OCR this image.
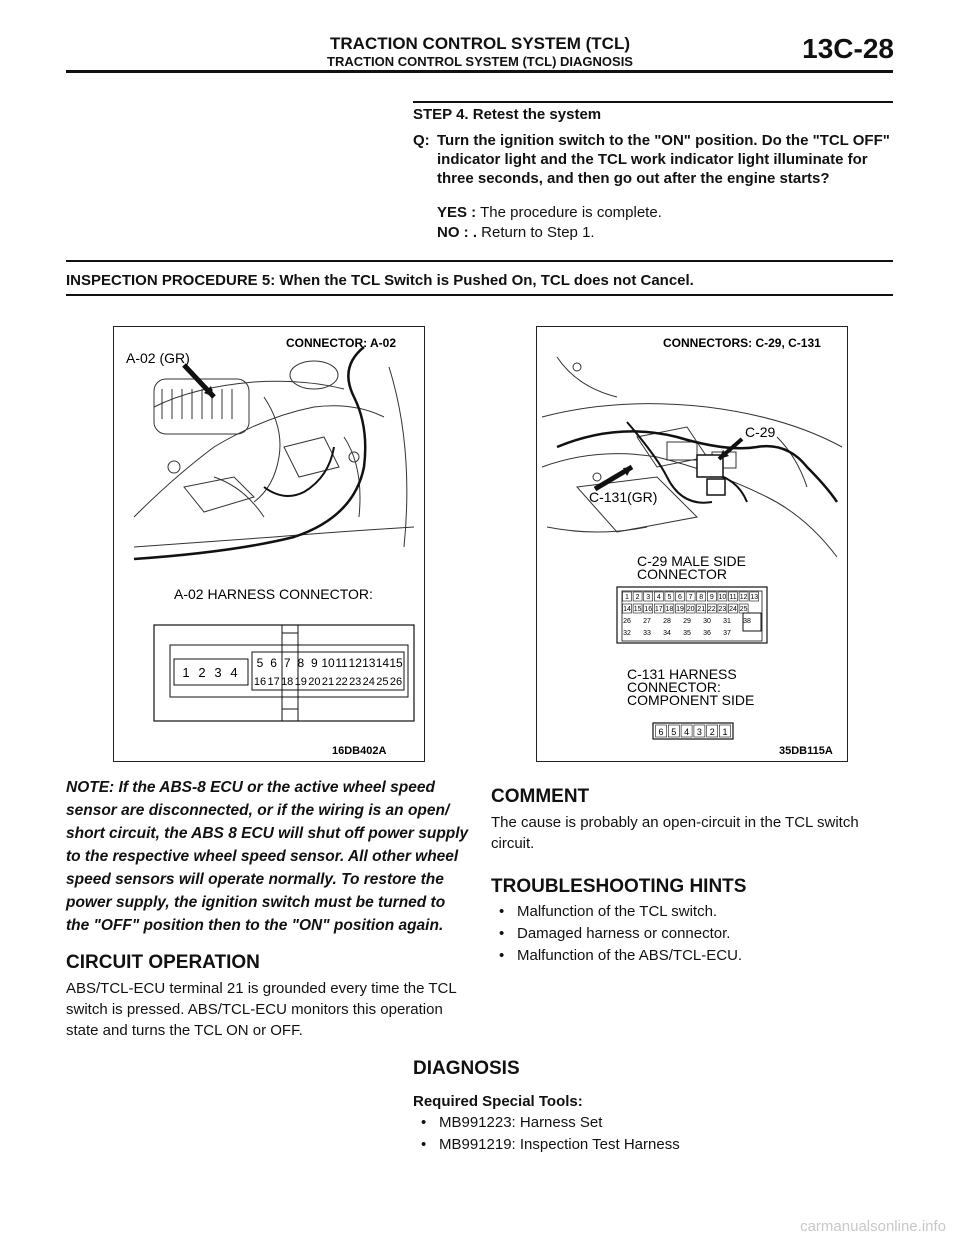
TRACTION CONTROL SYSTEM (TCL)
TRACTION CONTROL SYSTEM (TCL) DIAGNOSIS	13C-28
STEP 4. Retest the system
Q: Turn the ignition switch to the "ON" position. Do the "TCL OFF" indicator light and the TCL work indicator light illuminate for three seconds, and then go out after the engine starts?
YES : The procedure is complete.
NO : . Return to Step 1.
INSPECTION PROCEDURE 5: When the TCL Switch is Pushed On, TCL does not Cancel.
A-02 (GR)
CONNECTOR: A-02
A-02 HARNESS CONNECTOR:
1 2 3 4
5 6 7 8 9 10 11 12 13 14 15
16 17 18 19 20 21 22 23 24 25 26
16DB402A
CONNECTORS: C-29, C-131
C-29
C-131(GR)
C-29 MALE SIDE
CONNECTOR
1 2 3 4 5 6 7 8 9 10 11 12 13
14 15 16 17 18 19 20 21 22 23 24 25
26 27 28 29 30 31 38
32 33 34 35 36 37
C-131 HARNESS
CONNECTOR:
COMPONENT SIDE
6 5 4 3 2 1
35DB115A
NOTE: If the ABS-8 ECU or the active wheel speed sensor are disconnected, or if the wiring is an open/ short circuit, the ABS 8 ECU will shut off power supply to the respective wheel speed sensor. All other wheel speed sensors will operate normally. To restore the power supply, the ignition switch must be turned to the "OFF" position then to the "ON" position again.
CIRCUIT OPERATION
ABS/TCL-ECU terminal 21 is grounded every time the TCL switch is pressed. ABS/TCL-ECU monitors this operation state and turns the TCL ON or OFF.
COMMENT
The cause is probably an open-circuit in the TCL switch circuit.
TROUBLESHOOTING HINTS
• Malfunction of the TCL switch.
• Damaged harness or connector.
• Malfunction of the ABS/TCL-ECU.
DIAGNOSIS
Required Special Tools:
• MB991223: Harness Set
• MB991219: Inspection Test Harness
carmanualsonline.info
